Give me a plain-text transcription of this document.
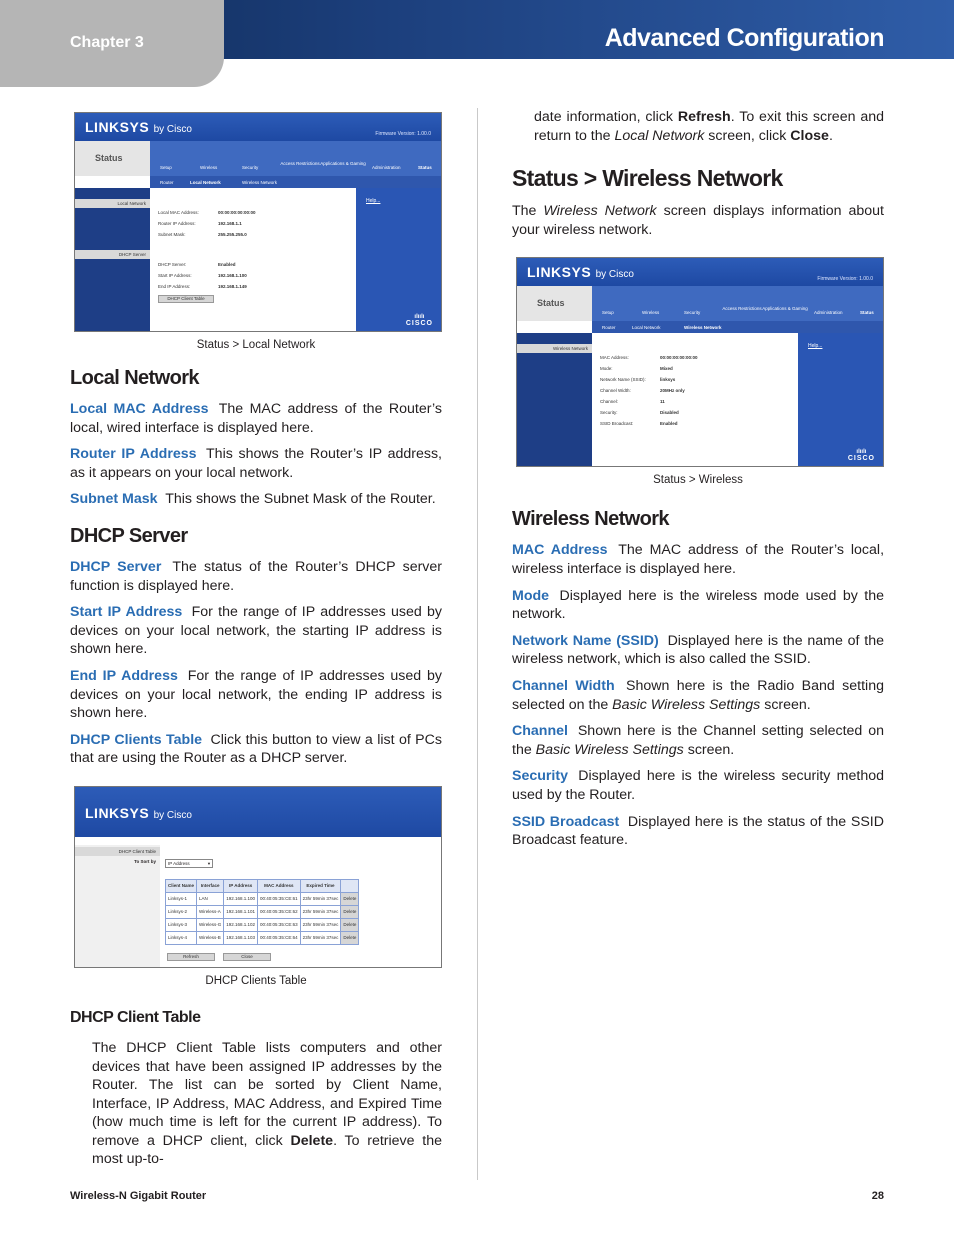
Chapter 3	Advanced Configuration
LINKSYS by Cisco	Firmware Version: 1.00.0
Status
Setup	Wireless	Security
Access Restrictions Applications & Gaming
Administration	Status
Router	Local Network	Wireless Network
Local Network
DHCP Server
Local MAC Address:	00:00:00:00:00:00
Router IP Address:	192.168.1.1
Subnet Mask:	255.255.255.0
DHCP Server:	Enabled
Start IP Address:	192.168.1.100
End IP Address:	192.168.1.149
DHCP Client Table
Help...
ılıılı
CISCO
Status > Local Network
Local Network

Local MAC Address The MAC address of the Router’s local, wired interface is displayed here.

Router IP Address This shows the Router’s IP address, as it appears on your local network.

Subnet Mask This shows the Subnet Mask of the Router.

DHCP Server

DHCP Server The status of the Router’s DHCP server function is displayed here.

Start IP Address For the range of IP addresses used by devices on your local network, the starting IP address is shown here.

End IP Address For the range of IP addresses used by devices on your local network, the ending IP address is shown here.

DHCP Clients Table Click this button to view a list of PCs that are using the Router as a DHCP server.

LINKSYS by Cisco
DHCP Client Table
To Sort by	IP Address	▼
Client Name	Interface	IP Address	MAC Address	Expired Time	
Linksys-1	LAN	192.168.1.100	00:40:05:35:CE:61	23hr 59min 37sec	Delete
Linksys-2	Wireless-A	192.168.1.101	00:40:05:35:CE:62	23hr 59min 37sec	Delete
Linksys-3	Wireless-G	192.168.1.102	00:40:05:35:CE:63	23hr 59min 37sec	Delete
Linksys-4	Wireless-B	192.168.1.103	00:40:05:35:CE:64	23hr 59min 37sec	Delete
Refresh	Close
DHCP Clients Table
DHCP Client Table

The DHCP Client Table lists computers and other devices that have been assigned IP addresses by the Router. The list can be sorted by Client Name, Interface, IP Address, MAC Address, and Expired Time (how much time is left for the current IP address). To remove a DHCP client, click Delete. To retrieve the most up-to-

date information, click Refresh. To exit this screen and return to the Local Network screen, click Close.

Status > Wireless Network

The Wireless Network screen displays information about your wireless network.

LINKSYS by Cisco	Firmware Version: 1.00.0
Status
Setup	Wireless	Security
Access Restrictions Applications & Gaming
Administration	Status
Router	Local Network	Wireless Network
Wireless Network
MAC Address:	00:00:00:00:00:00
Mode:	Mixed
Network Name (SSID):	linksys
Channel Width:	20MHz only
Channel:	11
Security:	Disabled
SSID Broadcast:	Enabled
Help...
ılıılı
CISCO
Status > Wireless
Wireless Network

MAC Address The MAC address of the Router’s local, wireless interface is displayed here.

Mode Displayed here is the wireless mode used by the network.

Network Name (SSID) Displayed here is the name of the wireless network, which is also called the SSID.

Channel Width Shown here is the Radio Band setting selected on the Basic Wireless Settings screen.

Channel Shown here is the Channel setting selected on the Basic Wireless Settings screen.

Security Displayed here is the wireless security method used by the Router.

SSID Broadcast Displayed here is the status of the SSID Broadcast feature.

Wireless-N Gigabit Router	28
